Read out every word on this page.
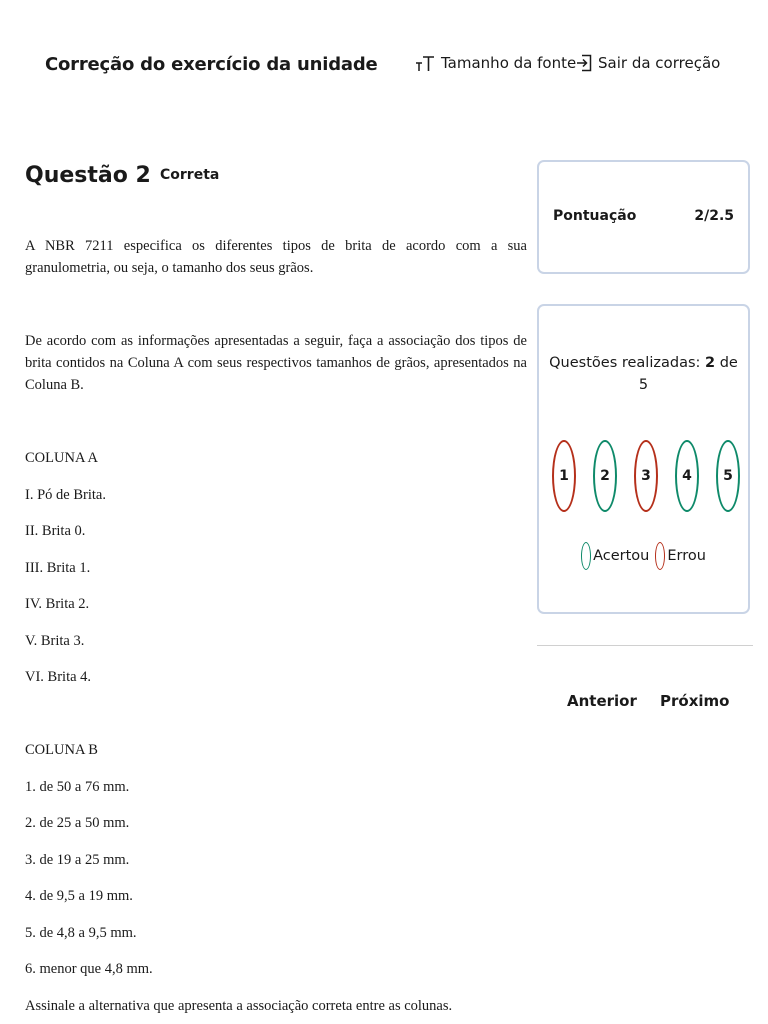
Correção do exercício da unidade	Tamanho da fonte Sair da correção
Questão 2 Correta

A NBR 7211 especifica os diferentes tipos de brita de acordo com a sua granulometria, ou seja, o tamanho dos seus grãos.

De acordo com as informações apresentadas a seguir, faça a associação dos tipos de brita contidos na Coluna A com seus respectivos tamanhos de grãos, apresentados na Coluna B.

COLUNA A

I. Pó de Brita.

II. Brita 0.

III. Brita 1.

IV. Brita 2.

V. Brita 3.

VI. Brita 4.

COLUNA B

1. de 50 a 76 mm.

2. de 25 a 50 mm.

3. de 19 a 25 mm.

4. de 9,5 a 19 mm.

5. de 4,8 a 9,5 mm.

6. menor que 4,8 mm.

Assinale a alternativa que apresenta a associação correta entre as colunas.

Pontuação	2/2.5
Questões realizadas: 2 de
5
1	2	3	4	5
Acertou Errou
Anterior Próximo
